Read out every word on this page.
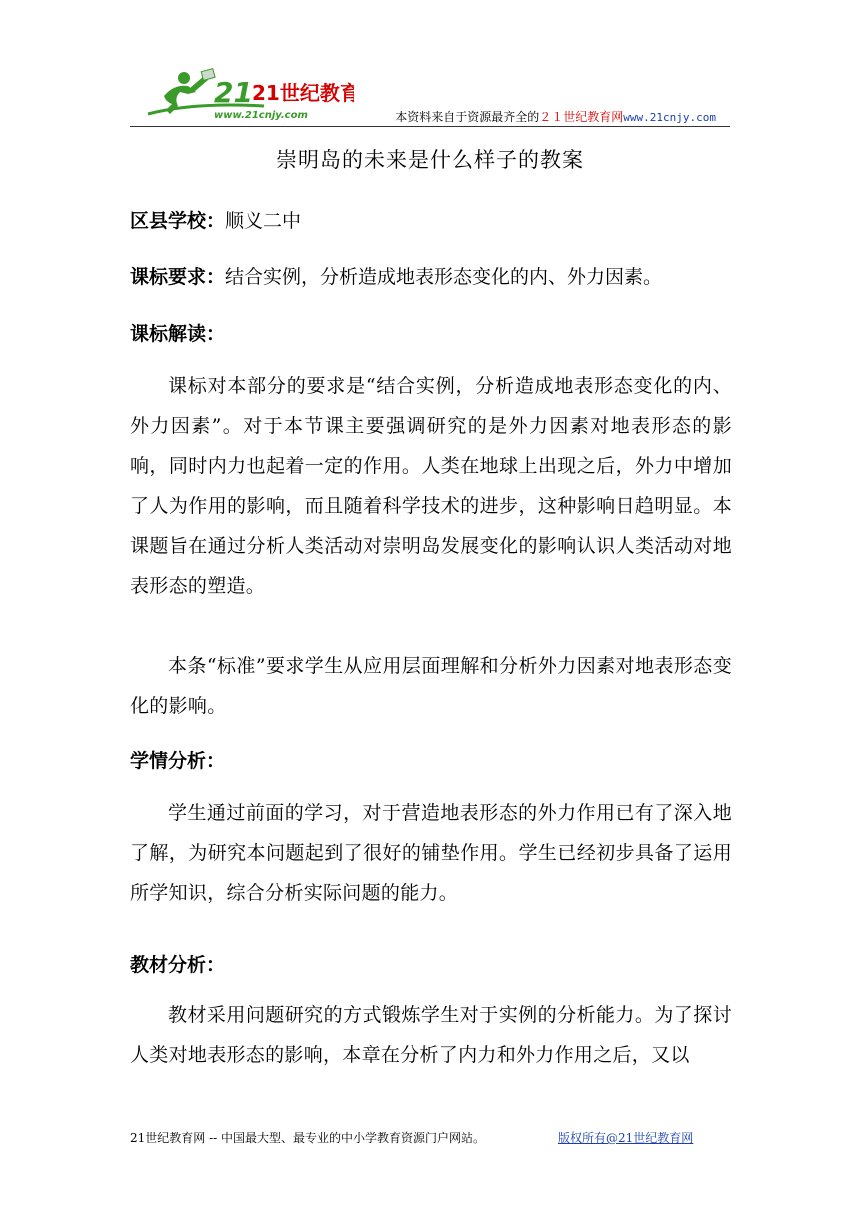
21 21世纪教育
www.21cnjy.com	本资料来自于资源最齐全的２１世纪教育网www.21cnjy.com
崇明岛的未来是什么样子的教案
区县学校：顺义二中
课标要求：结合实例，分析造成地表形态变化的内、外力因素。
课标解读：
课标对本部分的要求是“结合实例，分析造成地表形态变化的内、外力因素”。对于本节课主要强调研究的是外力因素对地表形态的影响，同时内力也起着一定的作用。人类在地球上出现之后，外力中增加了人为作用的影响，而且随着科学技术的进步，这种影响日趋明显。本课题旨在通过分析人类活动对崇明岛发展变化的影响认识人类活动对地表形态的塑造。
本条“标准”要求学生从应用层面理解和分析外力因素对地表形态变化的影响。
学情分析：
学生通过前面的学习，对于营造地表形态的外力作用已有了深入地了解，为研究本问题起到了很好的铺垫作用。学生已经初步具备了运用所学知识，综合分析实际问题的能力。
教材分析：
教材采用问题研究的方式锻炼学生对于实例的分析能力。为了探讨人类对地表形态的影响，本章在分析了内力和外力作用之后，又以
21世纪教育网 -- 中国最大型、最专业的中小学教育资源门户网站。	版权所有@21世纪教育网
